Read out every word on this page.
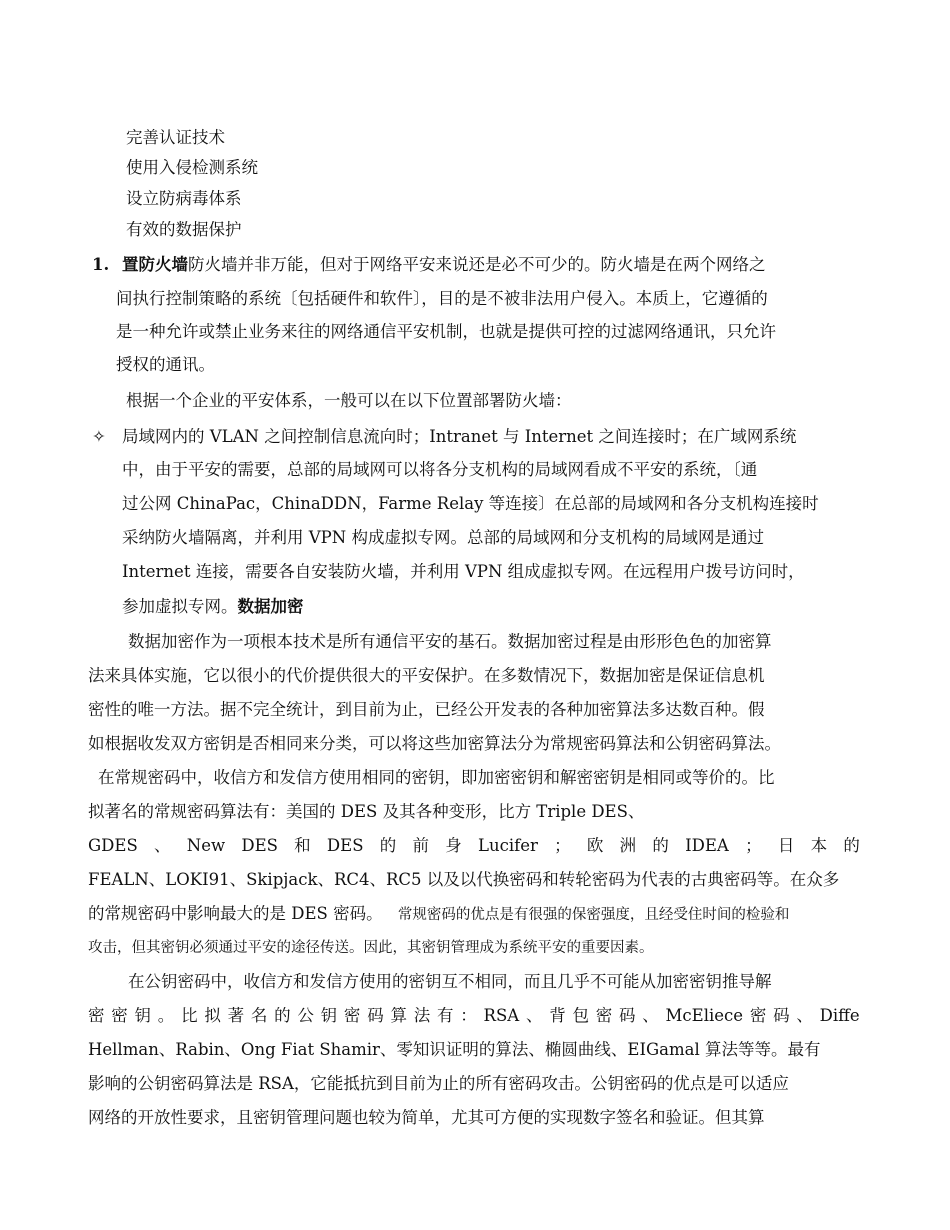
完善认证技术
使用入侵检测系统
设立防病毒体系
有效的数据保护
1. 置防火墙防火墙并非万能，但对于网络平安来说还是必不可少的。防火墙是在两个网络之
间执行控制策略的系统〔包括硬件和软件〕，目的是不被非法用户侵入。本质上，它遵循的
是一种允许或禁止业务来往的网络通信平安机制，也就是提供可控的过滤网络通讯，只允许
授权的通讯。
根据一个企业的平安体系，一般可以在以下位置部署防火墙：
✧ 局域网内的 VLAN 之间控制信息流向时；Intranet 与 Internet 之间连接时；在广域网系统
中，由于平安的需要，总部的局域网可以将各分支机构的局域网看成不平安的系统，〔通
过公网 ChinaPac，ChinaDDN，Farme Relay 等连接〕在总部的局域网和各分支机构连接时
采纳防火墙隔离，并利用 VPN 构成虚拟专网。总部的局域网和分支机构的局域网是通过
Internet 连接，需要各自安装防火墙，并利用 VPN 组成虚拟专网。在远程用户拨号访问时，
参加虚拟专网。数据加密
数据加密作为一项根本技术是所有通信平安的基石。数据加密过程是由形形色色的加密算
法来具体实施，它以很小的代价提供很大的平安保护。在多数情况下，数据加密是保证信息机
密性的唯一方法。据不完全统计，到目前为止，已经公开发表的各种加密算法多达数百种。假
如根据收发双方密钥是否相同来分类，可以将这些加密算法分为常规密码算法和公钥密码算法。
在常规密码中，收信方和发信方使用相同的密钥，即加密密钥和解密密钥是相同或等价的。比
拟著名的常规密码算法有：美国的 DES 及其各种变形，比方 Triple DES、
GDES 、 New DES 和 DES 的 前 身 Lucifer ； 欧 洲 的 IDEA ； 日 本 的
FEALN、LOKI91、Skipjack、RC4、RC5 以及以代换密码和转轮密码为代表的古典密码等。在众多
的常规密码中影响最大的是 DES 密码。 常规密码的优点是有很强的保密强度，且经受住时间的检验和
攻击，但其密钥必须通过平安的途径传送。因此，其密钥管理成为系统平安的重要因素。
在公钥密码中，收信方和发信方使用的密钥互不相同，而且几乎不可能从加密密钥推导解
密 密 钥 。 比 拟 著 名 的 公 钥 密 码 算 法 有 ： RSA 、 背 包 密 码 、 McEliece 密 码 、 Diffe
Hellman、Rabin、Ong Fiat Shamir、零知识证明的算法、椭圆曲线、EIGamal 算法等等。最有
影响的公钥密码算法是 RSA，它能抵抗到目前为止的所有密码攻击。公钥密码的优点是可以适应
网络的开放性要求，且密钥管理问题也较为简单，尤其可方便的实现数字签名和验证。但其算
